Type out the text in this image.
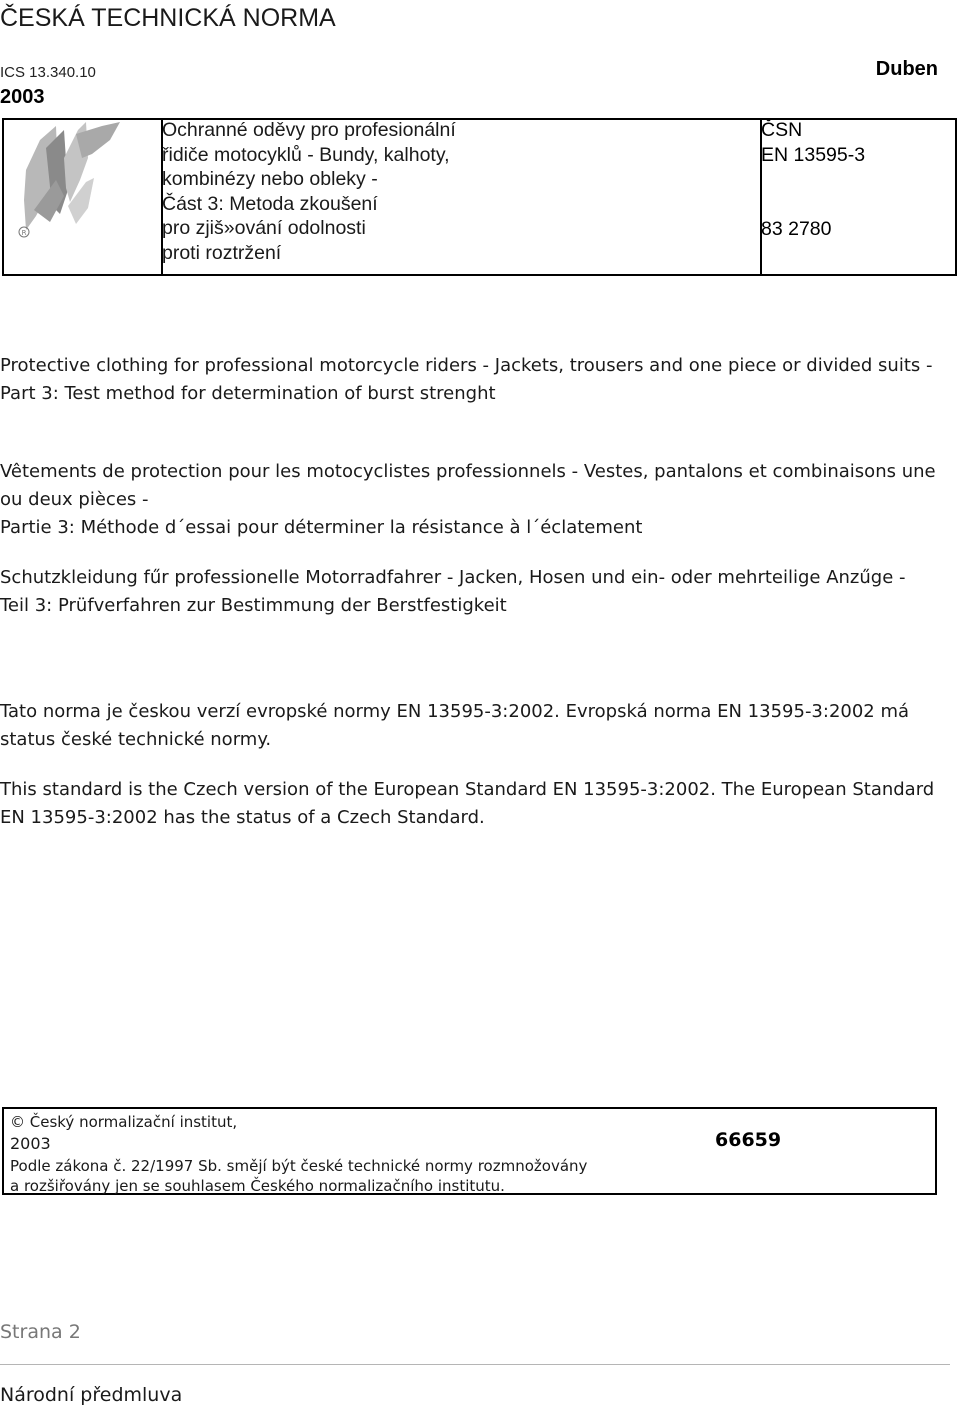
ČESKÁ TECHNICKÁ NORMA
ICS 13.340.10	Duben
2003
R
Ochranné oděvy pro profesionální
řidiče motocyklů - Bundy, kalhoty,
kombinézy nebo obleky -
Část 3: Metoda zkoušení
pro zjiš»ování odolnosti
proti roztržení
ČSN
EN 13595-3
83 2780
Protective clothing for professional motorcycle riders - Jackets, trousers and one piece or divided suits -
Part 3: Test method for determination of burst strenght
Vêtements de protection pour les motocyclistes professionnels - Vestes, pantalons et combinaisons une ou deux pièces -
Partie 3: Méthode d´essai pour déterminer la résistance à l´éclatement
Schutzkleidung fűr professionelle Motorradfahrer - Jacken, Hosen und ein- oder mehrteilige Anzűge -
Teil 3: Prüfverfahren zur Bestimmung der Berstfestigkeit
Tato norma je českou verzí evropské normy EN 13595-3:2002. Evropská norma EN 13595-3:2002 má status české technické normy.
This standard is the Czech version of the European Standard EN 13595-3:2002. The European Standard EN 13595-3:2002 has the status of a Czech Standard.
© Český normalizační institut,
2003
Podle zákona č. 22/1997 Sb. smějí být české technické normy rozmnožovány
a rozšiřovány jen se souhlasem Českého normalizačního institutu.
66659
Strana 2
Národní předmluva
